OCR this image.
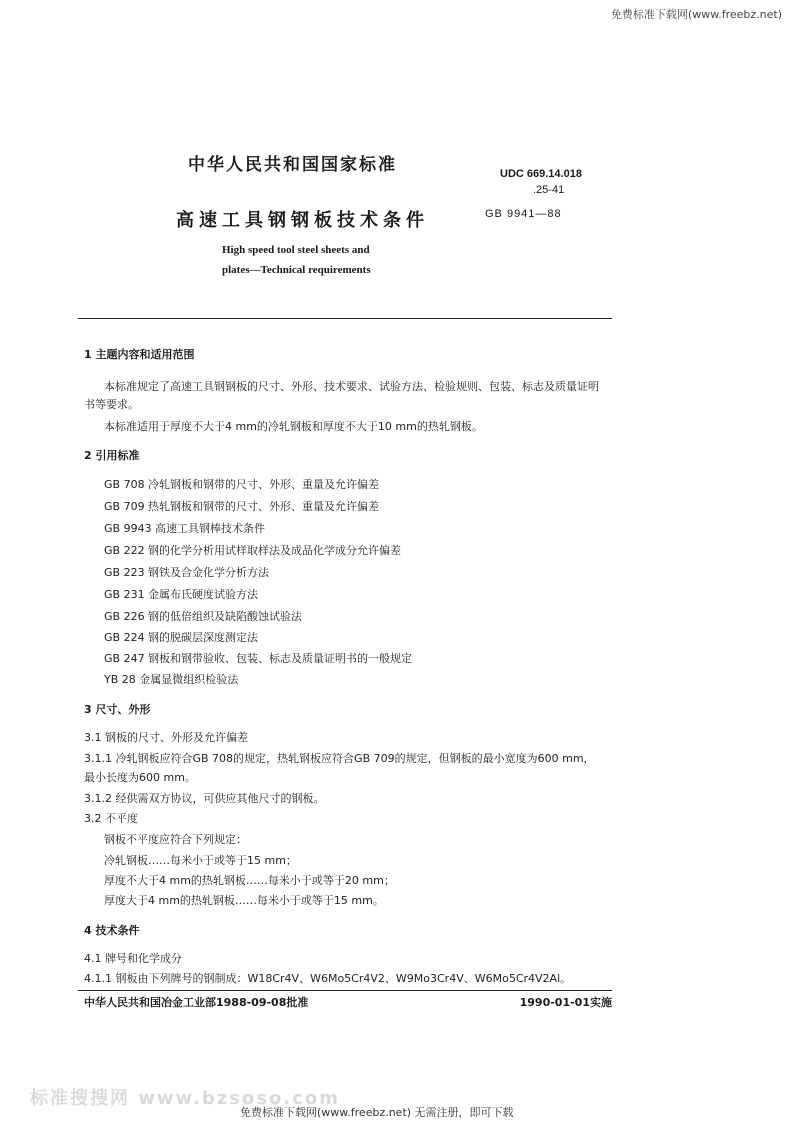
免费标准下载网(www.freebz.net)
中华人民共和国国家标准	UDC 669.14.018
.25-41
GB 9941—88
高速工具钢钢板技术条件
High speed tool steel sheets and
plates—Technical requirements
1 主题内容和适用范围
本标准规定了高速工具钢钢板的尺寸、外形、技术要求、试验方法、检验规则、包装、标志及质量证明
书等要求。
本标准适用于厚度不大于4 mm的冷轧钢板和厚度不大于10 mm的热轧钢板。
2 引用标准
GB 708 冷轧钢板和钢带的尺寸、外形、重量及允许偏差
GB 709 热轧钢板和钢带的尺寸、外形、重量及允许偏差
GB 9943 高速工具钢棒技术条件
GB 222 钢的化学分析用试样取样法及成品化学成分允许偏差
GB 223 钢铁及合金化学分析方法
GB 231 金属布氏硬度试验方法
GB 226 钢的低倍组织及缺陷酸蚀试验法
GB 224 钢的脱碳层深度测定法
GB 247 钢板和钢带验收、包装、标志及质量证明书的一般规定
YB 28 金属显微组织检验法
3 尺寸、外形
3.1 钢板的尺寸、外形及允许偏差
3.1.1 冷轧钢板应符合GB 708的规定，热轧钢板应符合GB 709的规定，但钢板的最小宽度为600 mm，
最小长度为600 mm。
3.1.2 经供需双方协议，可供应其他尺寸的钢板。
3.2 不平度
钢板不平度应符合下列规定：
冷轧钢板……每米小于或等于15 mm；
厚度不大于4 mm的热轧钢板……每米小于或等于20 mm；
厚度大于4 mm的热轧钢板……每米小于或等于15 mm。
4 技术条件
4.1 牌号和化学成分
4.1.1 钢板由下列牌号的钢制成：W18Cr4V、W6Mo5Cr4V2、W9Mo3Cr4V、W6Mo5Cr4V2Al。
中华人民共和国冶金工业部1988-09-08批准	1990-01-01实施
标准搜搜网 www.bzsoso.com
免费标准下载网(www.freebz.net) 无需注册，即可下载
